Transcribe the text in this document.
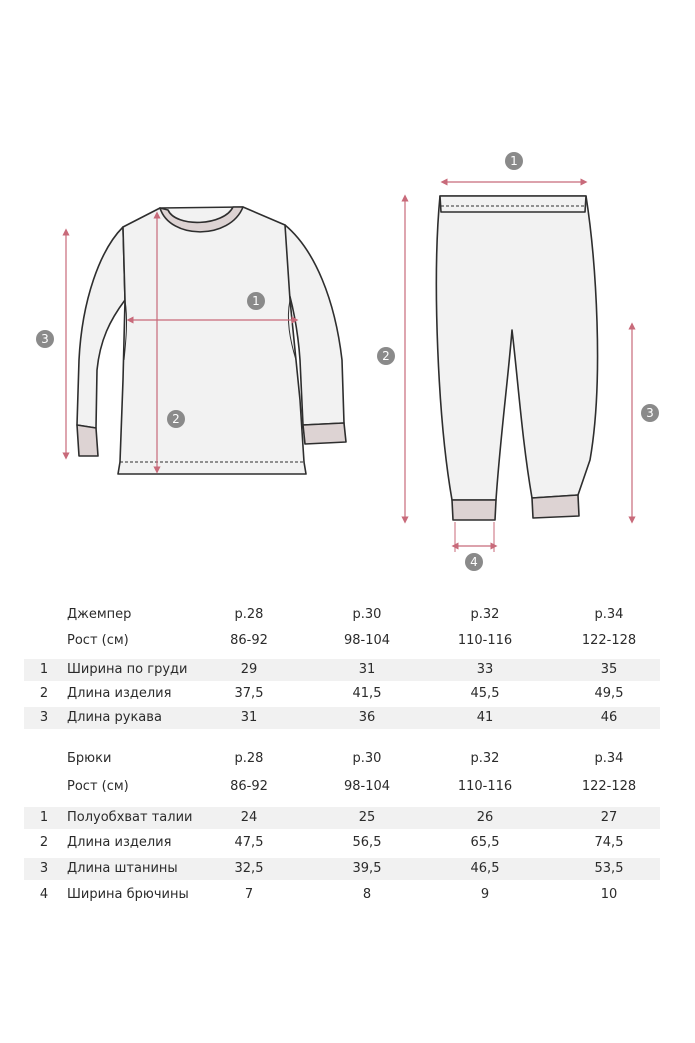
1
2
3
1
2
3
4
Джемпер	р.28	р.30	р.32	р.34
Рост (см)	86-92	98-104	110-116	122-128
1 Ширина по груди	29	31	33	35
2 Длина изделия	37,5	41,5	45,5	49,5
3 Длина рукава	31	36	41	46
Брюки	р.28	р.30	р.32	р.34
Рост (см)	86-92	98-104	110-116	122-128
1 Полуобхват талии	24	25	26	27
2 Длина изделия	47,5	56,5	65,5	74,5
3 Длина штанины	32,5	39,5	46,5	53,5
4 Ширина брючины	7	8	9	10
